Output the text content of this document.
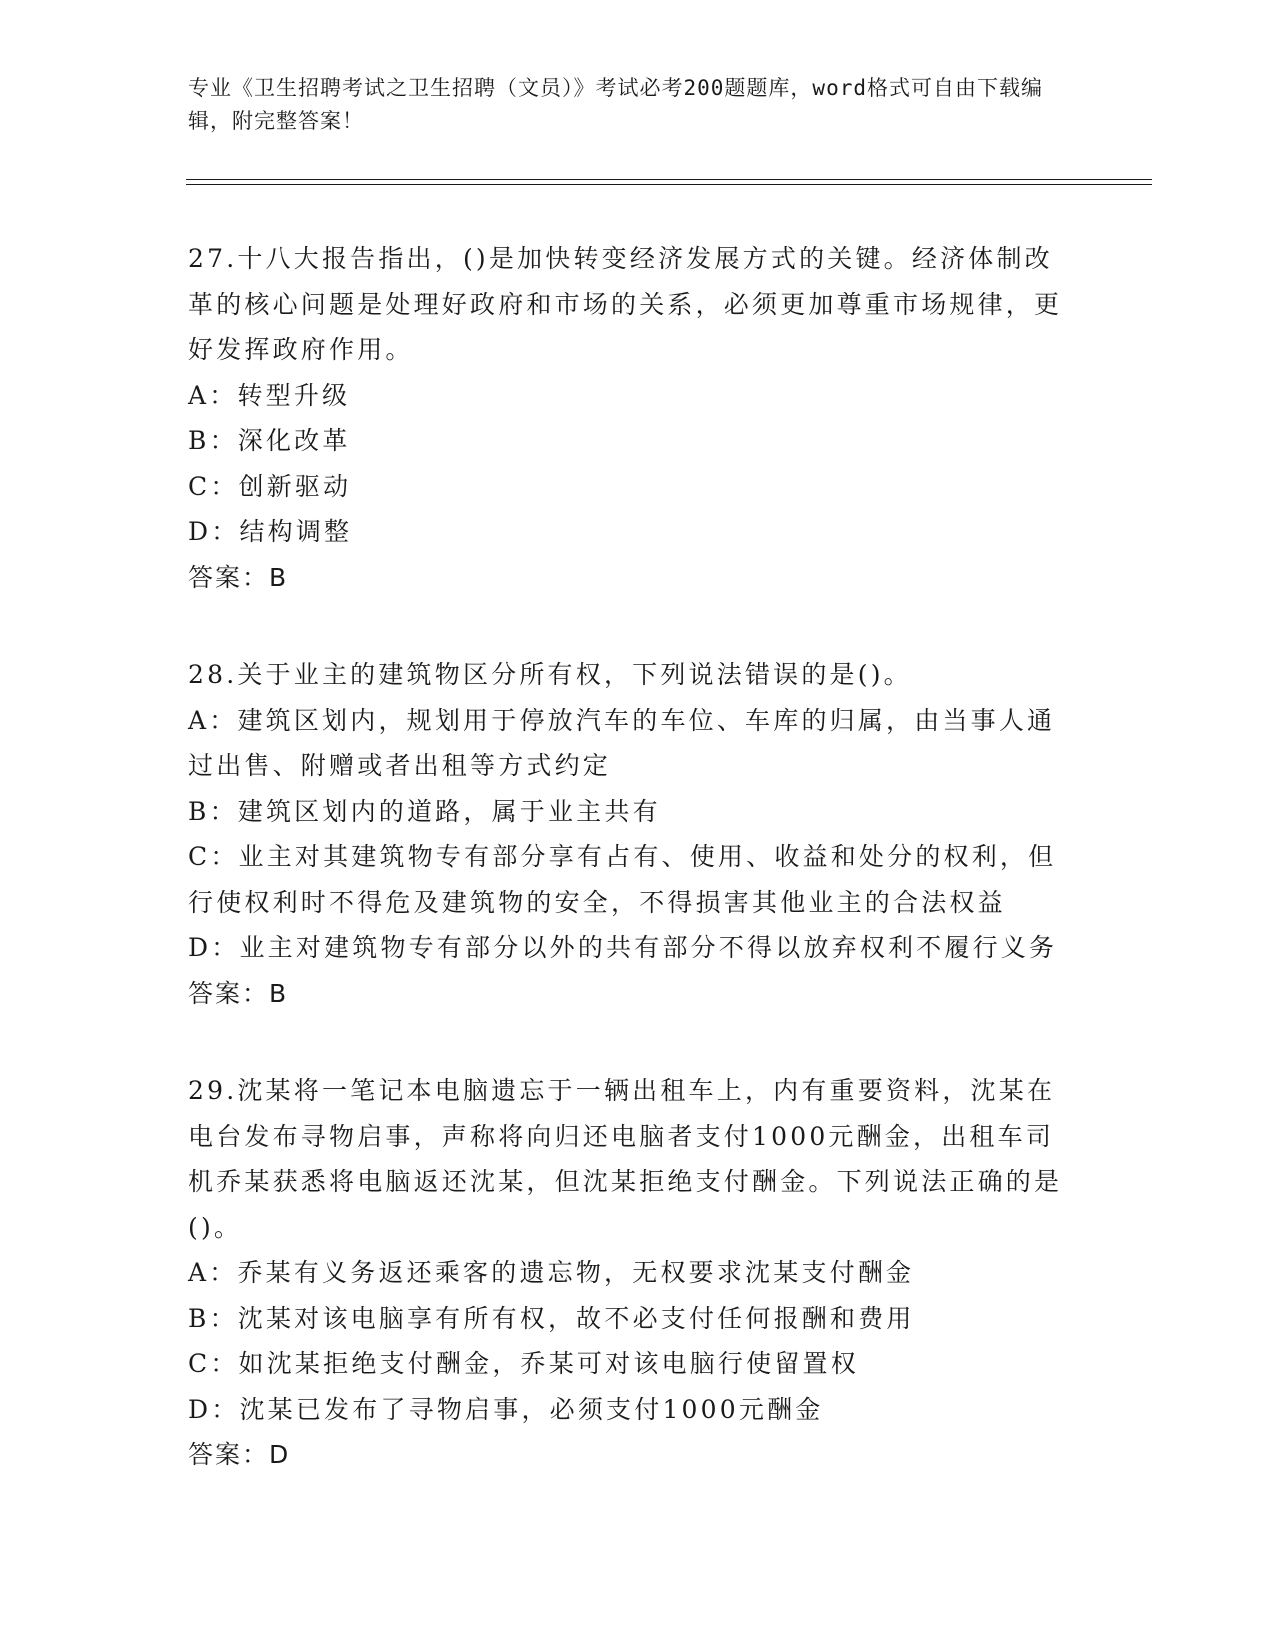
专业《卫生招聘考试之卫生招聘（文员）》考试必考200题题库，word格式可自由下载编辑，附完整答案！
27.十八大报告指出，()是加快转变经济发展方式的关键。经济体制改革的核心问题是处理好政府和市场的关系，必须更加尊重市场规律，更好发挥政府作用。
A：转型升级
B：深化改革
C：创新驱动
D：结构调整
答案：B
28.关于业主的建筑物区分所有权，下列说法错误的是()。
A：建筑区划内，规划用于停放汽车的车位、车库的归属，由当事人通过出售、附赠或者出租等方式约定
B：建筑区划内的道路，属于业主共有
C：业主对其建筑物专有部分享有占有、使用、收益和处分的权利，但行使权利时不得危及建筑物的安全，不得损害其他业主的合法权益
D：业主对建筑物专有部分以外的共有部分不得以放弃权利不履行义务
答案：B
29.沈某将一笔记本电脑遗忘于一辆出租车上，内有重要资料，沈某在电台发布寻物启事，声称将向归还电脑者支付1000元酬金，出租车司机乔某获悉将电脑返还沈某，但沈某拒绝支付酬金。下列说法正确的是()。
A：乔某有义务返还乘客的遗忘物，无权要求沈某支付酬金
B：沈某对该电脑享有所有权，故不必支付任何报酬和费用
C：如沈某拒绝支付酬金，乔某可对该电脑行使留置权
D：沈某已发布了寻物启事，必须支付1000元酬金
答案：D
